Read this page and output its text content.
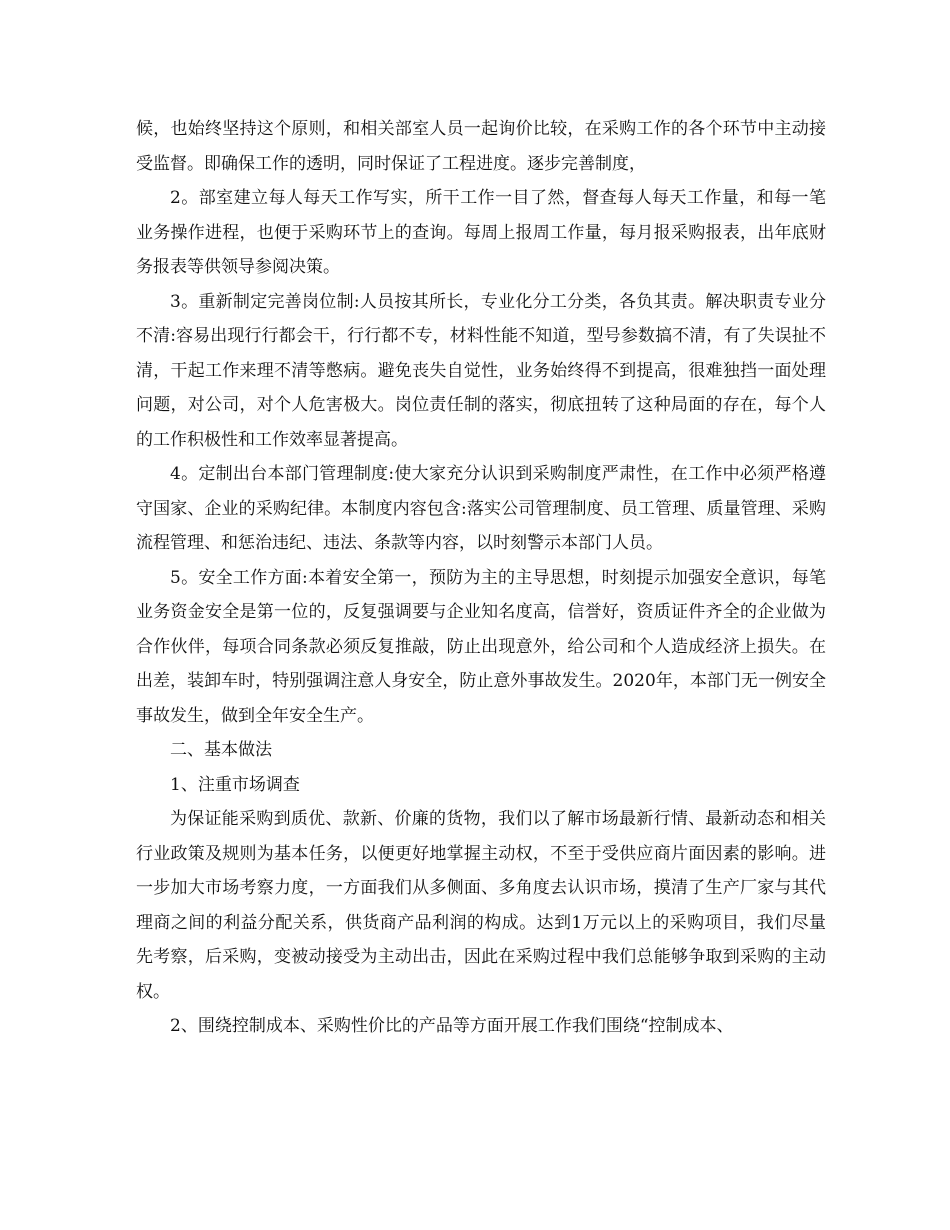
候，也始终坚持这个原则，和相关部室人员一起询价比较，在采购工作的各个环节中主动接受监督。即确保工作的透明，同时保证了工程进度。逐步完善制度，

2。部室建立每人每天工作写实，所干工作一目了然，督查每人每天工作量，和每一笔业务操作进程，也便于采购环节上的查询。每周上报周工作量，每月报采购报表，出年底财务报表等供领导参阅决策。

3。重新制定完善岗位制:人员按其所长，专业化分工分类，各负其责。解决职责专业分不清:容易出现行行都会干，行行都不专，材料性能不知道，型号参数搞不清，有了失误扯不清，干起工作来理不清等憋病。避免丧失自觉性，业务始终得不到提高，很难独挡一面处理问题，对公司，对个人危害极大。岗位责任制的落实，彻底扭转了这种局面的存在，每个人的工作积极性和工作效率显著提高。

4。定制出台本部门管理制度:使大家充分认识到采购制度严肃性，在工作中必须严格遵守国家、企业的采购纪律。本制度内容包含:落实公司管理制度、员工管理、质量管理、采购流程管理、和惩治违纪、违法、条款等内容，以时刻警示本部门人员。

5。安全工作方面:本着安全第一，预防为主的主导思想，时刻提示加强安全意识，每笔业务资金安全是第一位的，反复强调要与企业知名度高，信誉好，资质证件齐全的企业做为合作伙伴，每项合同条款必须反复推敲，防止出现意外，给公司和个人造成经济上损失。在出差，装卸车时，特别强调注意人身安全，防止意外事故发生。2020年，本部门无一例安全事故发生，做到全年安全生产。

二、基本做法

1、注重市场调查

为保证能采购到质优、款新、价廉的货物，我们以了解市场最新行情、最新动态和相关行业政策及规则为基本任务，以便更好地掌握主动权，不至于受供应商片面因素的影响。进一步加大市场考察力度，一方面我们从多侧面、多角度去认识市场，摸清了生产厂家与其代理商之间的利益分配关系，供货商产品利润的构成。达到1万元以上的采购项目，我们尽量先考察，后采购，变被动接受为主动出击，因此在采购过程中我们总能够争取到采购的主动权。

2、围绕控制成本、采购性价比的产品等方面开展工作我们围绕“控制成本、
